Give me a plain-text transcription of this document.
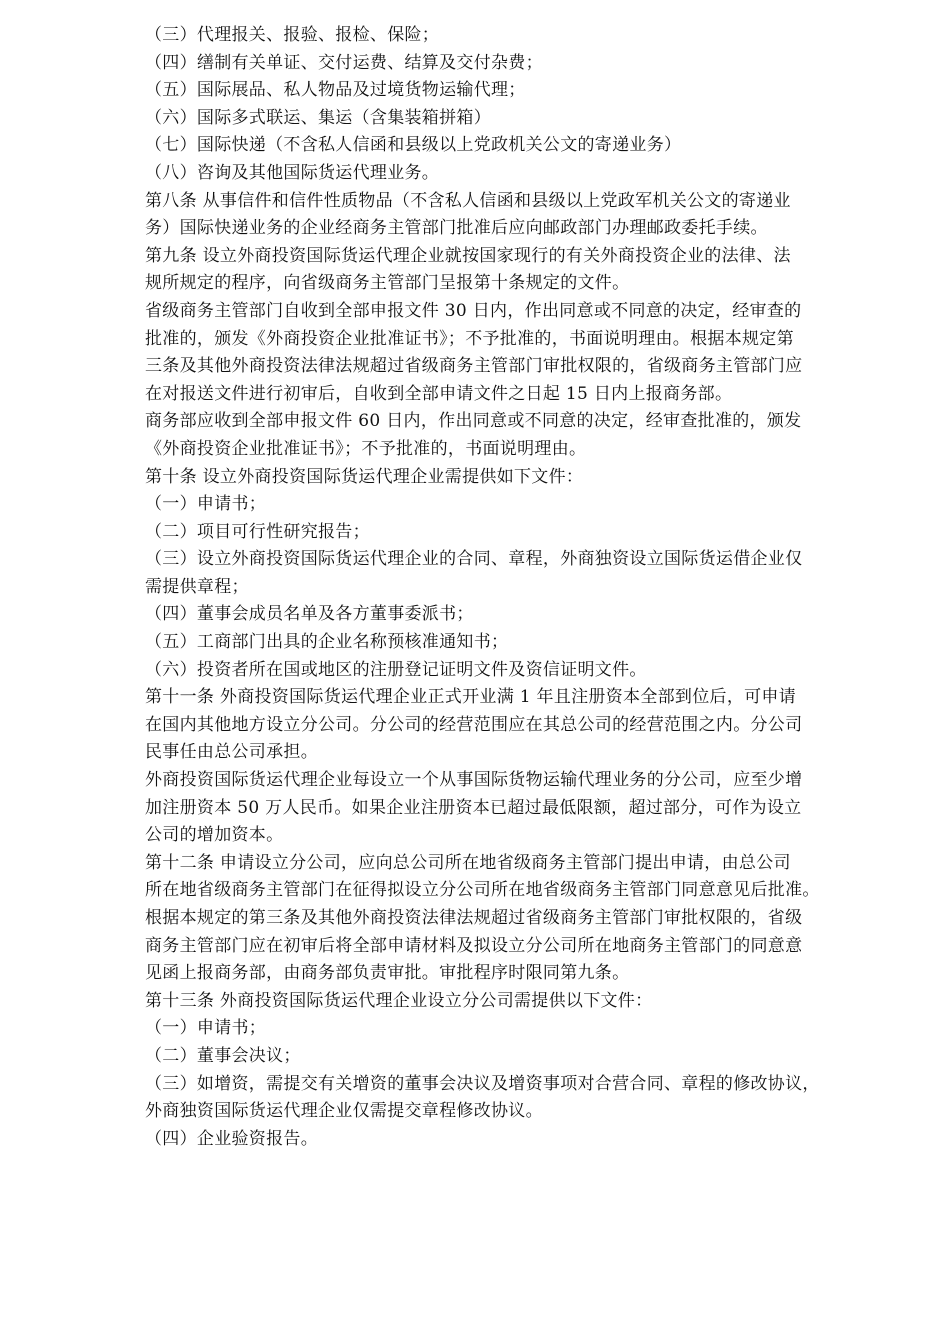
（三）代理报关、报验、报检、保险；
（四）缮制有关单证、交付运费、结算及交付杂费；
（五）国际展品、私人物品及过境货物运输代理；
（六）国际多式联运、集运（含集装箱拼箱）
（七）国际快递（不含私人信函和县级以上党政机关公文的寄递业务）
（八）咨询及其他国际货运代理业务。
第八条 从事信件和信件性质物品（不含私人信函和县级以上党政军机关公文的寄递业
务）国际快递业务的企业经商务主管部门批准后应向邮政部门办理邮政委托手续。
第九条 设立外商投资国际货运代理企业就按国家现行的有关外商投资企业的法律、法
规所规定的程序，向省级商务主管部门呈报第十条规定的文件。
省级商务主管部门自收到全部申报文件 30 日内，作出同意或不同意的决定，经审查的
批准的，颁发《外商投资企业批准证书》；不予批准的，书面说明理由。根据本规定第
三条及其他外商投资法律法规超过省级商务主管部门审批权限的，省级商务主管部门应
在对报送文件进行初审后，自收到全部申请文件之日起 15 日内上报商务部。
商务部应收到全部申报文件 60 日内，作出同意或不同意的决定，经审查批准的，颁发
《外商投资企业批准证书》；不予批准的，书面说明理由。
第十条 设立外商投资国际货运代理企业需提供如下文件：
（一）申请书；
（二）项目可行性研究报告；
（三）设立外商投资国际货运代理企业的合同、章程，外商独资设立国际货运借企业仅
需提供章程；
（四）董事会成员名单及各方董事委派书；
（五）工商部门出具的企业名称预核准通知书；
（六）投资者所在国或地区的注册登记证明文件及资信证明文件。
第十一条 外商投资国际货运代理企业正式开业满 1 年且注册资本全部到位后，可申请
在国内其他地方设立分公司。分公司的经营范围应在其总公司的经营范围之内。分公司
民事任由总公司承担。
外商投资国际货运代理企业每设立一个从事国际货物运输代理业务的分公司，应至少增
加注册资本 50 万人民币。如果企业注册资本已超过最低限额，超过部分，可作为设立
公司的增加资本。
第十二条 申请设立分公司，应向总公司所在地省级商务主管部门提出申请，由总公司
所在地省级商务主管部门在征得拟设立分公司所在地省级商务主管部门同意意见后批准。
根据本规定的第三条及其他外商投资法律法规超过省级商务主管部门审批权限的，省级
商务主管部门应在初审后将全部申请材料及拟设立分公司所在地商务主管部门的同意意
见函上报商务部，由商务部负责审批。审批程序时限同第九条。
第十三条 外商投资国际货运代理企业设立分公司需提供以下文件：
（一）申请书；
（二）董事会决议；
（三）如增资，需提交有关增资的董事会决议及增资事项对合营合同、章程的修改协议，
外商独资国际货运代理企业仅需提交章程修改协议。
（四）企业验资报告。
